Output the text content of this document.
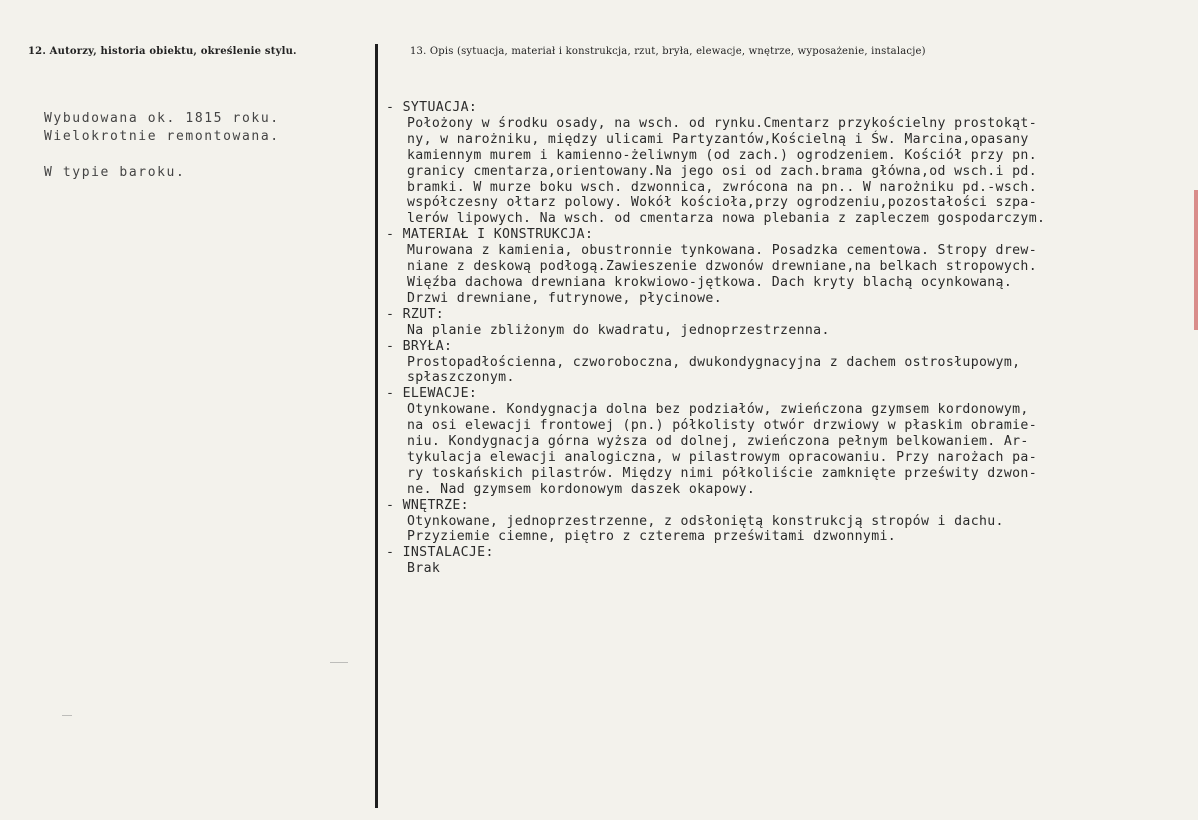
12. Autorzy, historia obiektu, określenie stylu.	13. Opis (sytuacja, materiał i konstrukcja, rzut, bryła, elewacje, wnętrze, wyposażenie, instalacje)
Wybudowana ok. 1815 roku.
Wielokrotnie remontowana.
W typie baroku.
- SYTUACJA:
Położony w środku osady, na wsch. od rynku.Cmentarz przykościelny prostokąt-
ny, w narożniku, między ulicami Partyzantów,Kościelną i Św. Marcina,opasany
kamiennym murem i kamienno-żeliwnym (od zach.) ogrodzeniem. Kościół przy pn.
granicy cmentarza,orientowany.Na jego osi od zach.brama główna,od wsch.i pd.
bramki. W murze boku wsch. dzwonnica, zwrócona na pn.. W narożniku pd.-wsch.
współczesny ołtarz polowy. Wokół kościoła,przy ogrodzeniu,pozostałości szpa-
lerów lipowych. Na wsch. od cmentarza nowa plebania z zapleczem gospodarczym.
- MATERIAŁ I KONSTRUKCJA:
Murowana z kamienia, obustronnie tynkowana. Posadzka cementowa. Stropy drew-
niane z deskową podłogą.Zawieszenie dzwonów drewniane,na belkach stropowych.
Więźba dachowa drewniana krokwiowo-jętkowa. Dach kryty blachą ocynkowaną.
Drzwi drewniane, futrynowe, płycinowe.
- RZUT:
Na planie zbliżonym do kwadratu, jednoprzestrzenna.
- BRYŁA:
Prostopadłościenna, czworoboczna, dwukondygnacyjna z dachem ostrosłupowym,
spłaszczonym.
- ELEWACJE:
Otynkowane. Kondygnacja dolna bez podziałów, zwieńczona gzymsem kordonowym,
na osi elewacji frontowej (pn.) półkolisty otwór drzwiowy w płaskim obramie-
niu. Kondygnacja górna wyższa od dolnej, zwieńczona pełnym belkowaniem. Ar-
tykulacja elewacji analogiczna, w pilastrowym opracowaniu. Przy narożach pa-
ry toskańskich pilastrów. Między nimi półkoliście zamknięte prześwity dzwon-
ne. Nad gzymsem kordonowym daszek okapowy.
- WNĘTRZE:
Otynkowane, jednoprzestrzenne, z odsłoniętą konstrukcją stropów i dachu.
Przyziemie ciemne, piętro z czterema prześwitami dzwonnymi.
- INSTALACJE:
Brak
